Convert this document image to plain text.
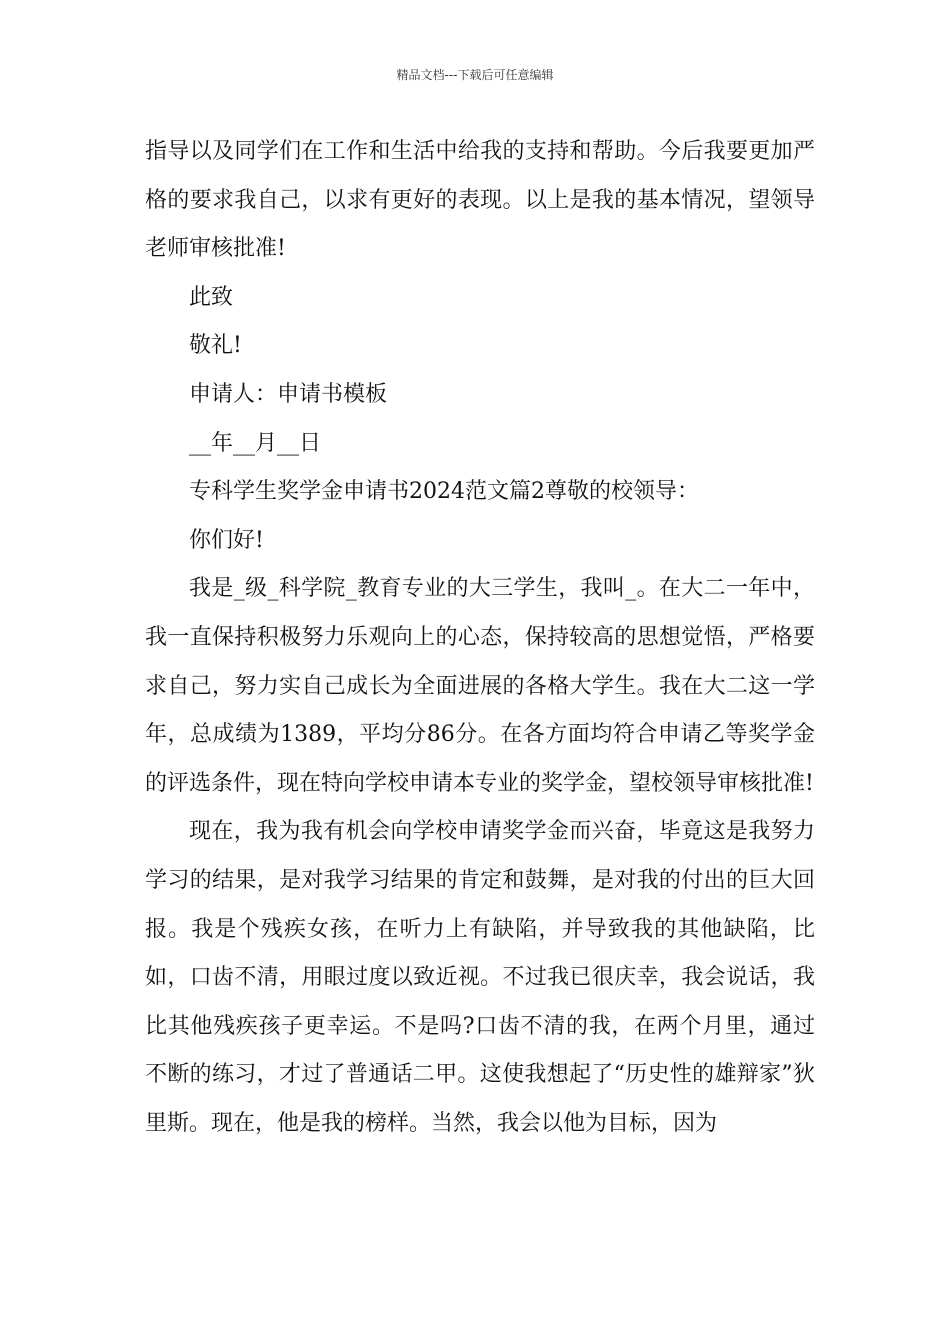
精品文档---下载后可任意编辑

指导以及同学们在工作和生活中给我的支持和帮助。今后我要更加严格的要求我自己，以求有更好的表现。以上是我的基本情况，望领导老师审核批准!

此致

敬礼!

申请人：申请书模板

__年__月__日

专科学生奖学金申请书2024范文篇2尊敬的校领导：

你们好!

我是_级_科学院_教育专业的大三学生，我叫_。在大二一年中，我一直保持积极努力乐观向上的心态，保持较高的思想觉悟，严格要求自己，努力实自己成长为全面进展的各格大学生。我在大二这一学年，总成绩为1389，平均分86分。在各方面均符合申请乙等奖学金的评选条件，现在特向学校申请本专业的奖学金，望校领导审核批准!

现在，我为我有机会向学校申请奖学金而兴奋，毕竟这是我努力学习的结果，是对我学习结果的肯定和鼓舞，是对我的付出的巨大回报。我是个残疾女孩，在听力上有缺陷，并导致我的其他缺陷，比如，口齿不清，用眼过度以致近视。不过我已很庆幸，我会说话，我比其他残疾孩子更幸运。不是吗?口齿不清的我，在两个月里，通过不断的练习，才过了普通话二甲。这使我想起了“历史性的雄辩家”狄里斯。现在，他是我的榜样。当然，我会以他为目标，因为
